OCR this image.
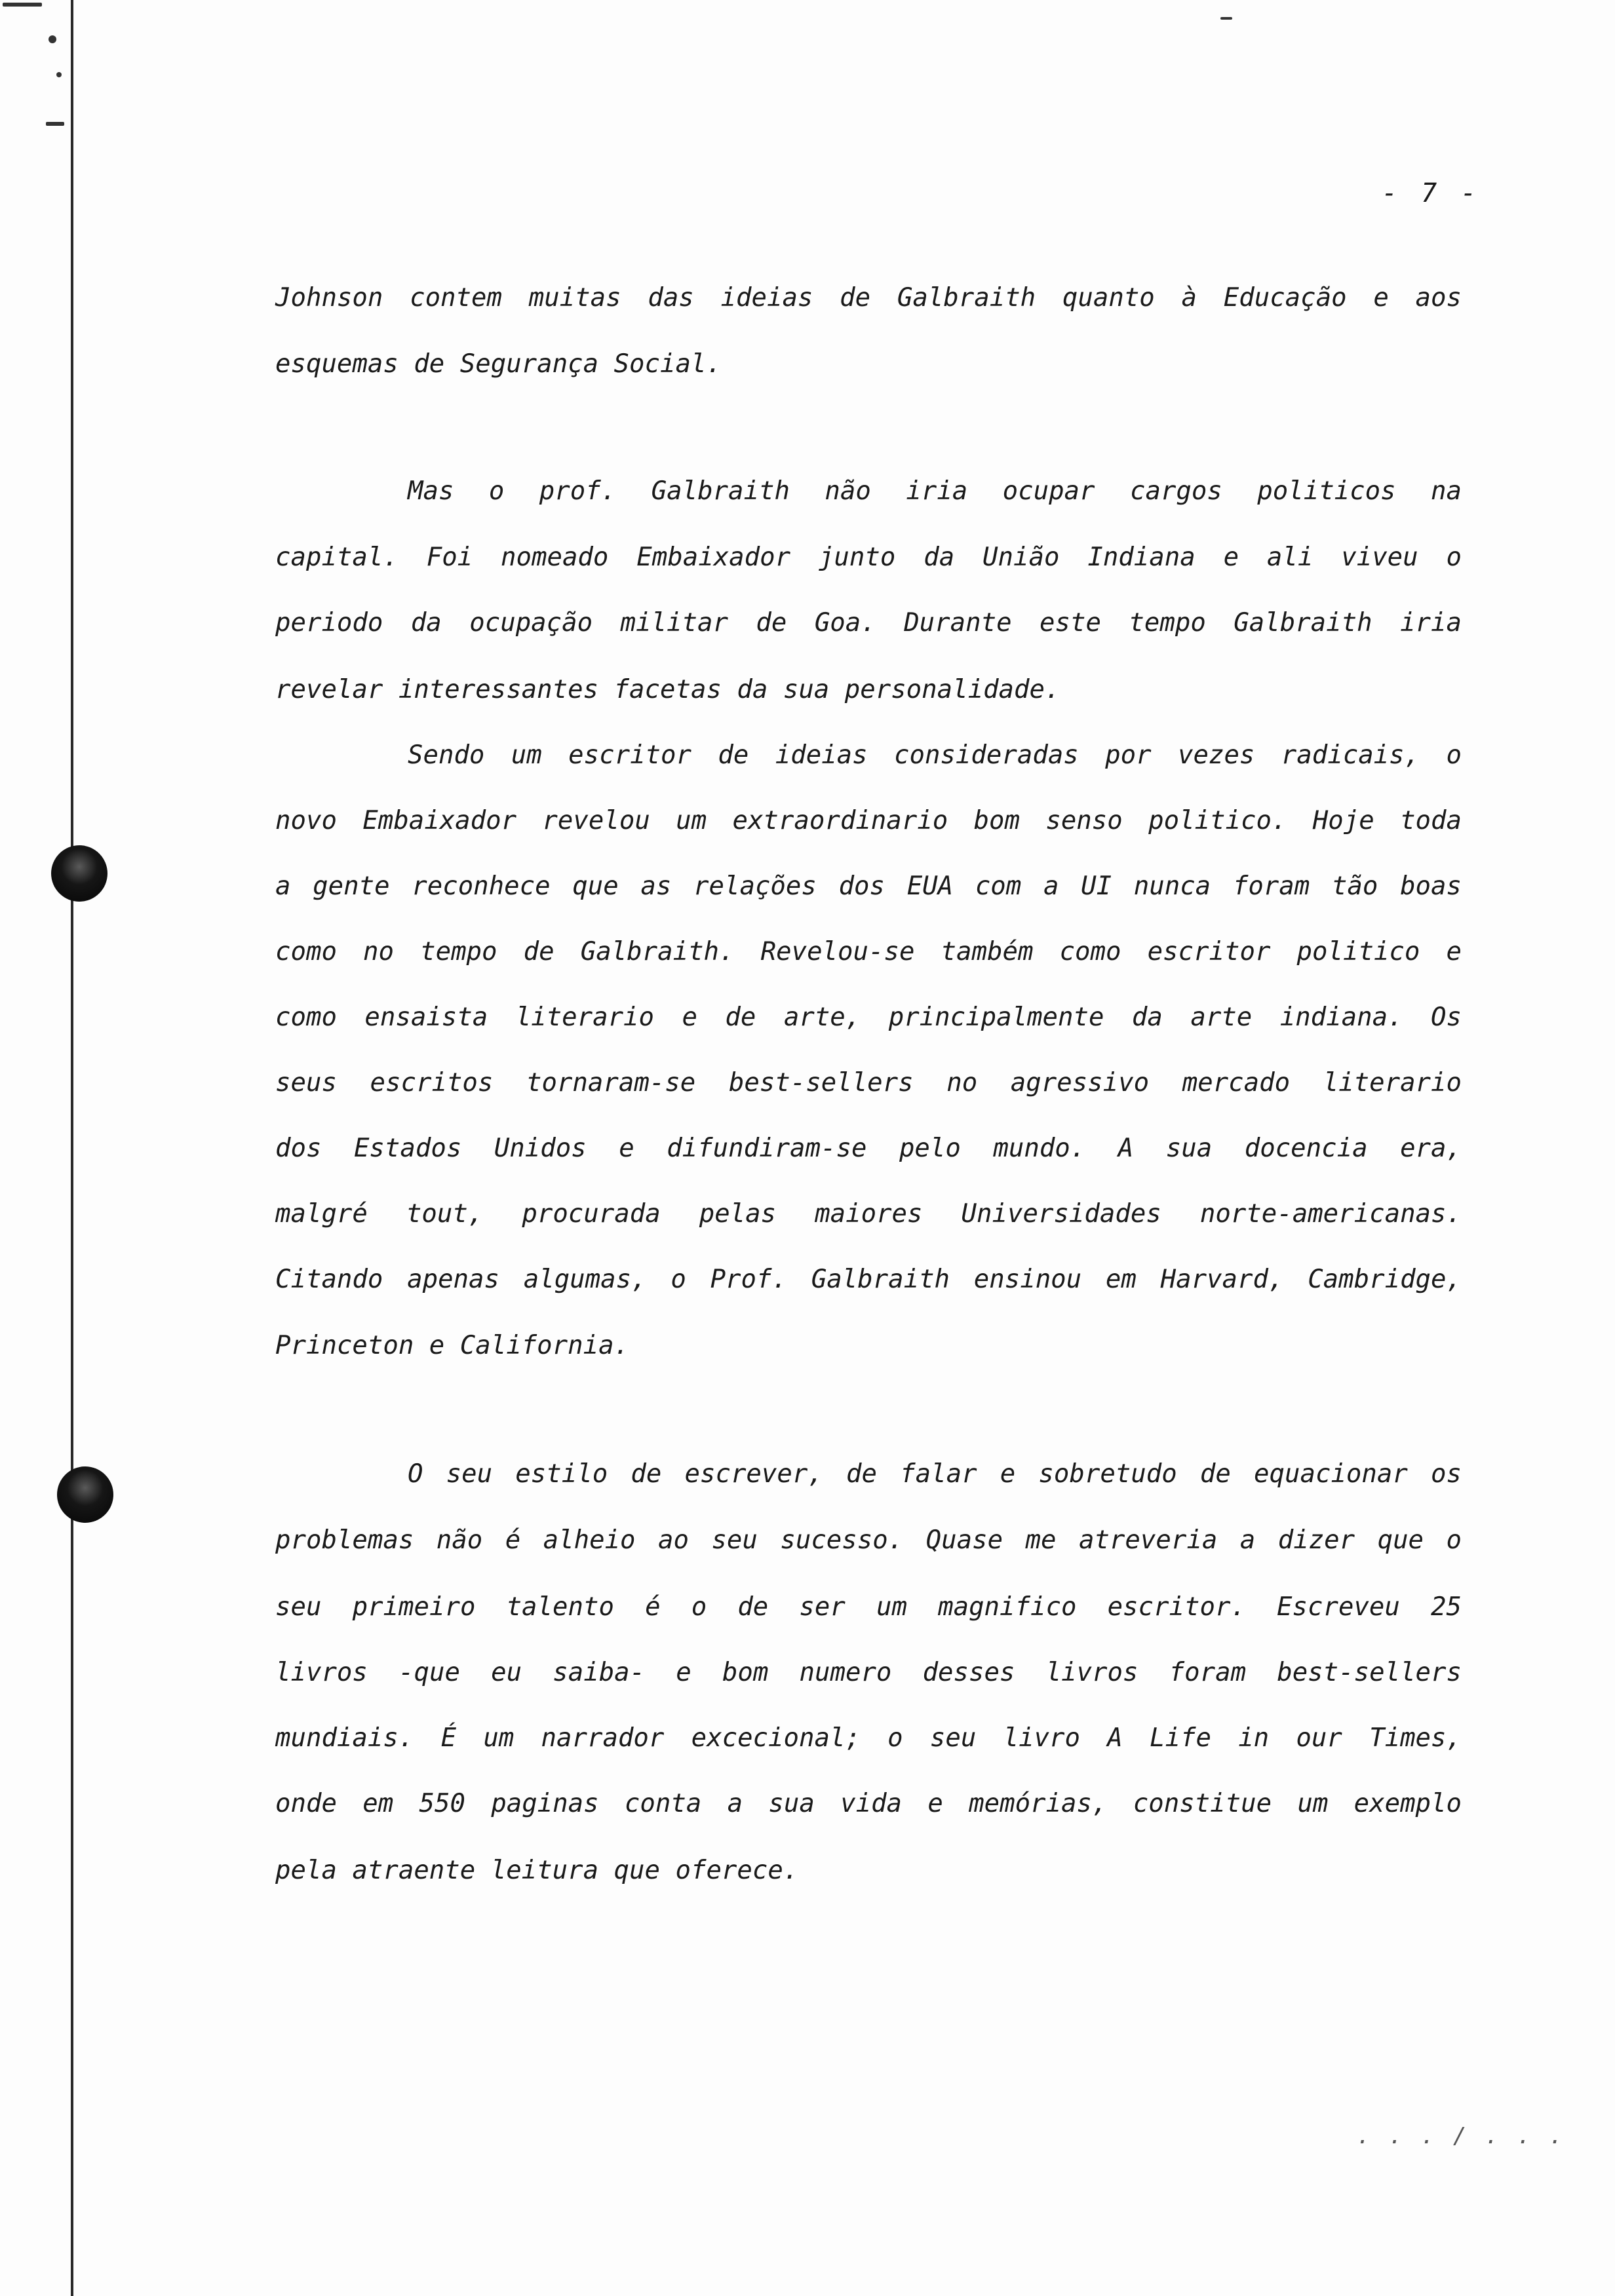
- 7 -
Johnson contem muitas das ideias de Galbraith quanto à Educação e aos
esquemas de Segurança Social.
Mas o prof. Galbraith não iria ocupar cargos politicos na
capital. Foi nomeado Embaixador junto da União Indiana e ali viveu o
periodo da ocupação militar de Goa. Durante este tempo Galbraith iria
revelar interessantes facetas da sua personalidade.
Sendo um escritor de ideias consideradas por vezes radicais, o
novo Embaixador revelou um extraordinario bom senso politico. Hoje toda
a gente reconhece que as relações dos EUA com a UI nunca foram tão boas
como no tempo de Galbraith. Revelou-se também como escritor politico e
como ensaista literario e de arte, principalmente da arte indiana. Os
seus escritos tornaram-se best-sellers no agressivo mercado literario
dos Estados Unidos e difundiram-se pelo mundo. A sua docencia era,
malgré tout, procurada pelas maiores Universidades norte-americanas.
Citando apenas algumas, o Prof. Galbraith ensinou em Harvard, Cambridge,
Princeton e California.
O seu estilo de escrever, de falar e sobretudo de equacionar os
problemas não é alheio ao seu sucesso. Quase me atreveria a dizer que o
seu primeiro talento é o de ser um magnifico escritor. Escreveu 25
livros -que eu saiba- e bom numero desses livros foram best-sellers
mundiais. É um narrador excecional; o seu livro A Life in our Times,
onde em 550 paginas conta a sua vida e memórias, constitue um exemplo
pela atraente leitura que oferece.
. . . / . . .
